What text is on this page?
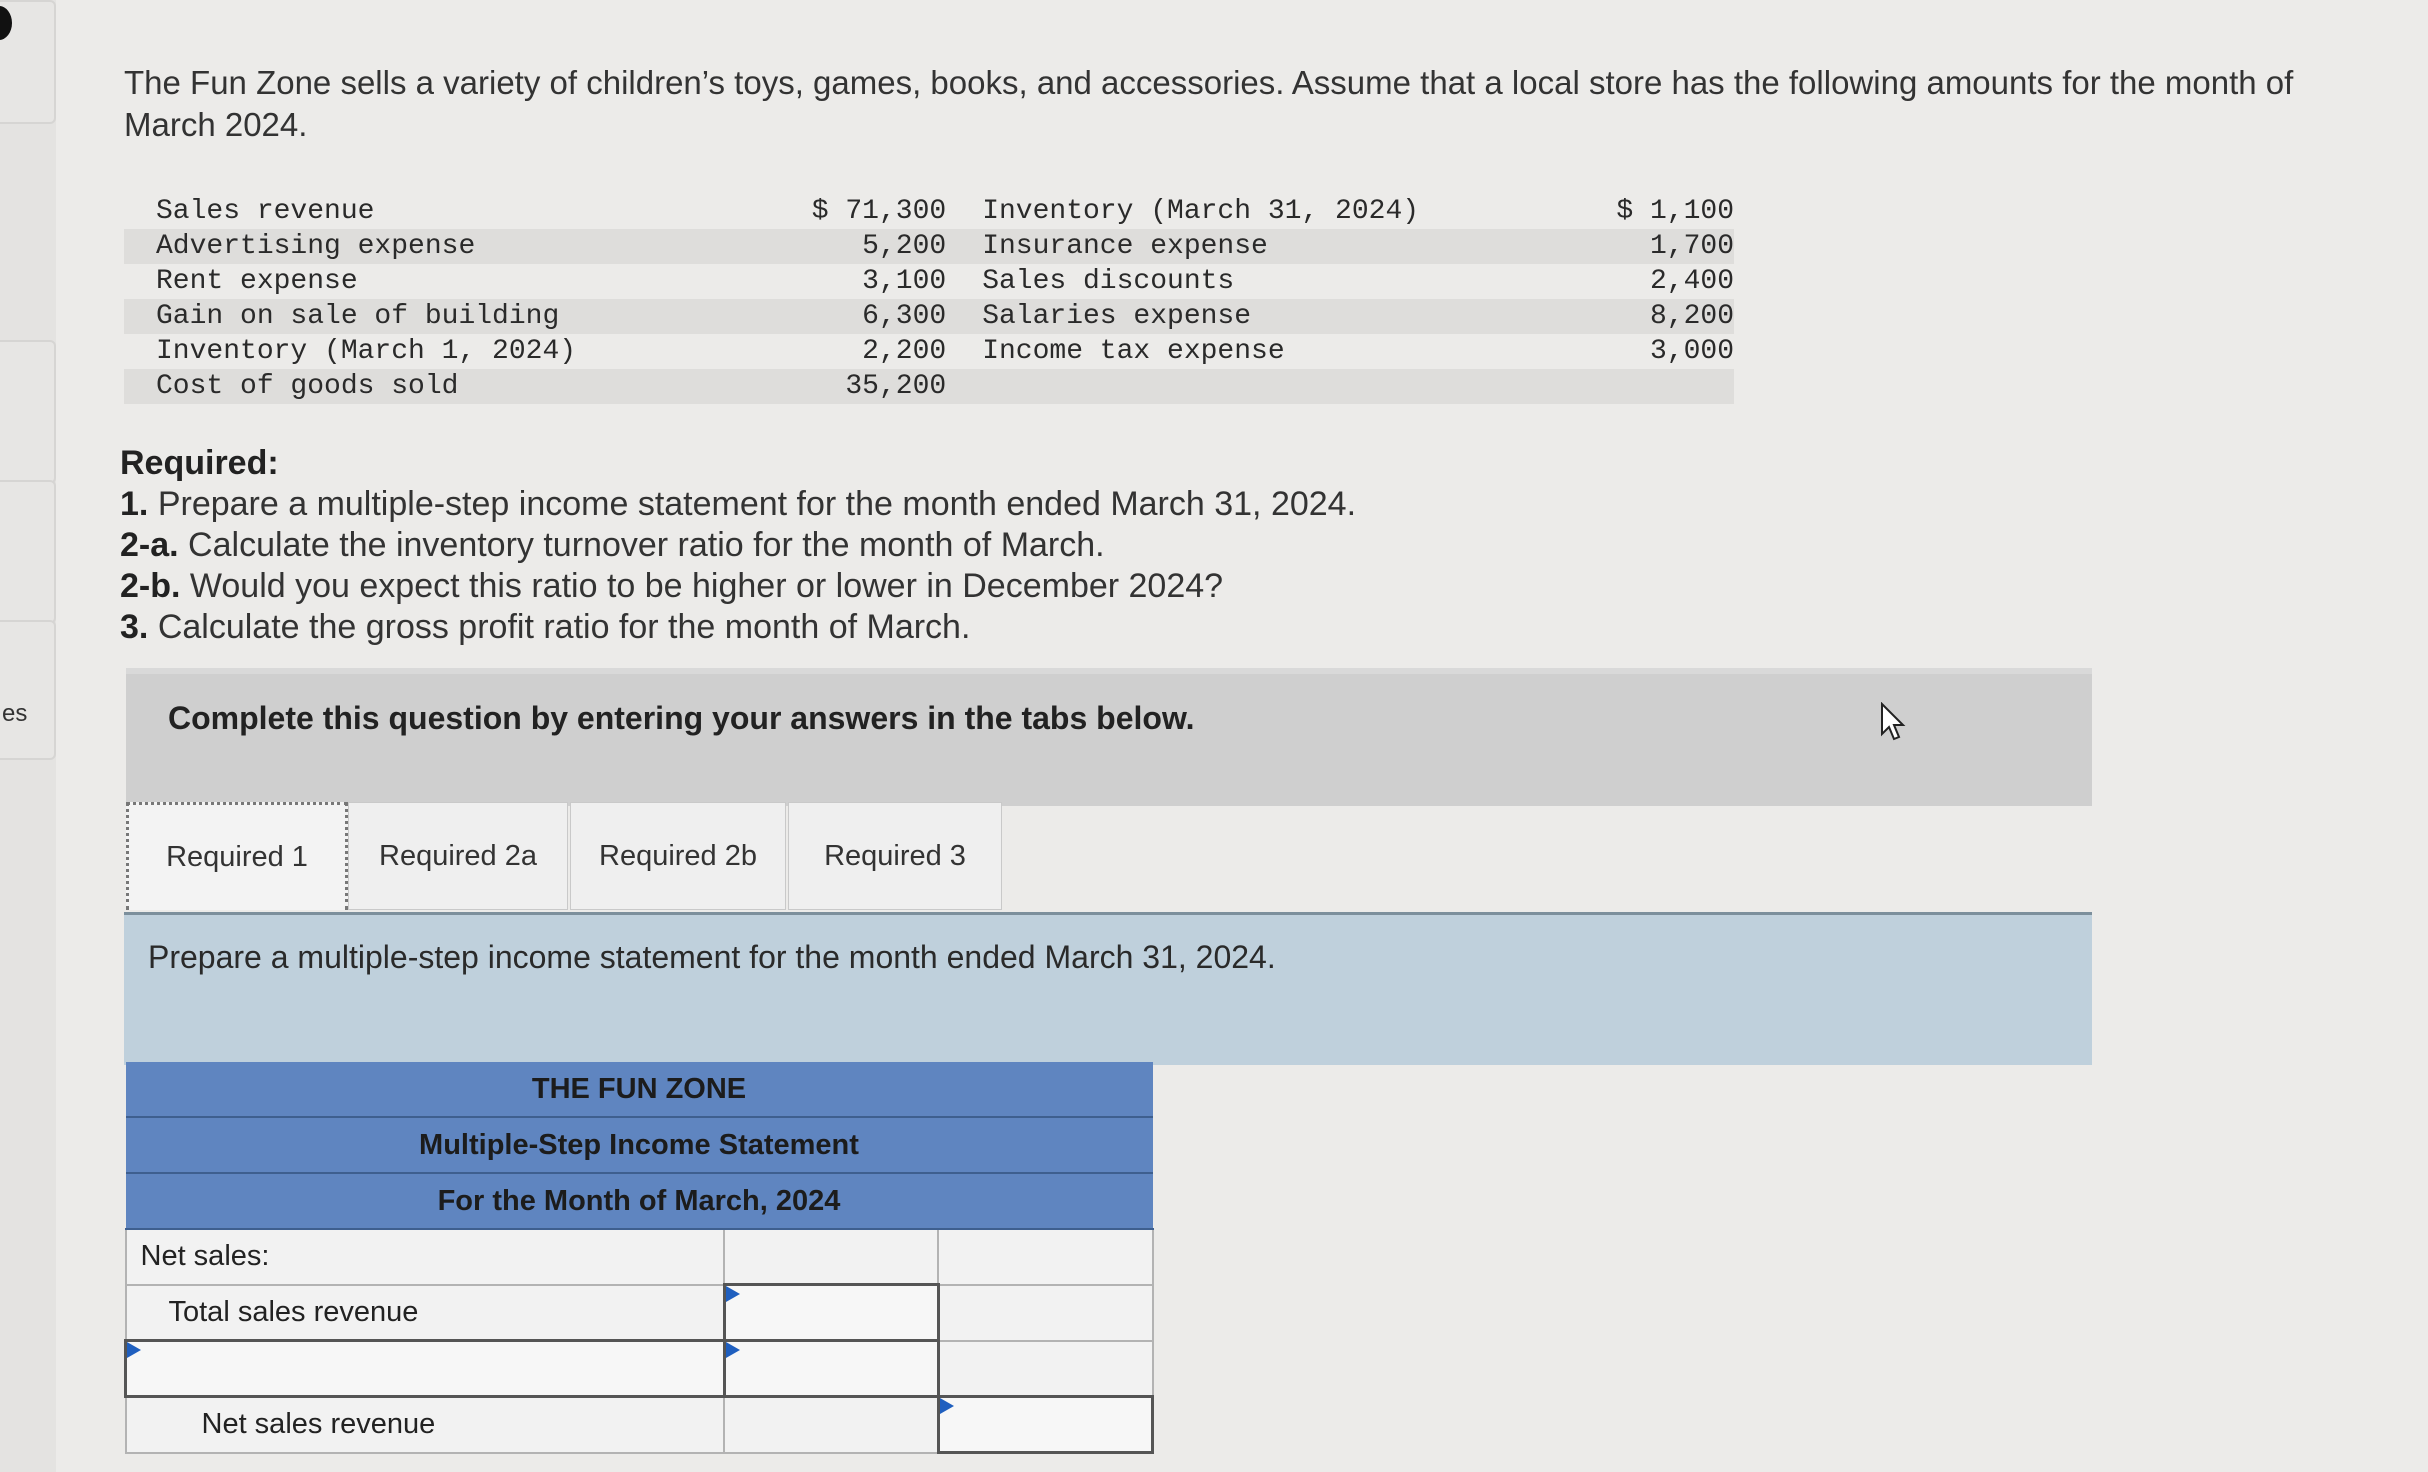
es
The Fun Zone sells a variety of children’s toys, games, books, and accessories. Assume that a local store has the following amounts for the month of March 2024.
Sales revenue	$ 71,300	Inventory (March 31, 2024)	$ 1,100
Advertising expense	5,200	Insurance expense	1,700
Rent expense	3,100	Sales discounts	2,400
Gain on sale of building	6,300	Salaries expense	8,200
Inventory (March 1, 2024)	2,200	Income tax expense	3,000
Cost of goods sold	35,200		
Required:
1. Prepare a multiple-step income statement for the month ended March 31, 2024.
2-a. Calculate the inventory turnover ratio for the month of March.
2-b. Would you expect this ratio to be higher or lower in December 2024?
3. Calculate the gross profit ratio for the month of March.
Complete this question by entering your answers in the tabs below.
Required 1	Required 2a	Required 2b	Required 3
Prepare a multiple-step income statement for the month ended March 31, 2024.
THE FUN ZONE		
Multiple-Step Income Statement		
For the Month of March, 2024		
Net sales:		
Total sales revenue	

Net sales revenue		
